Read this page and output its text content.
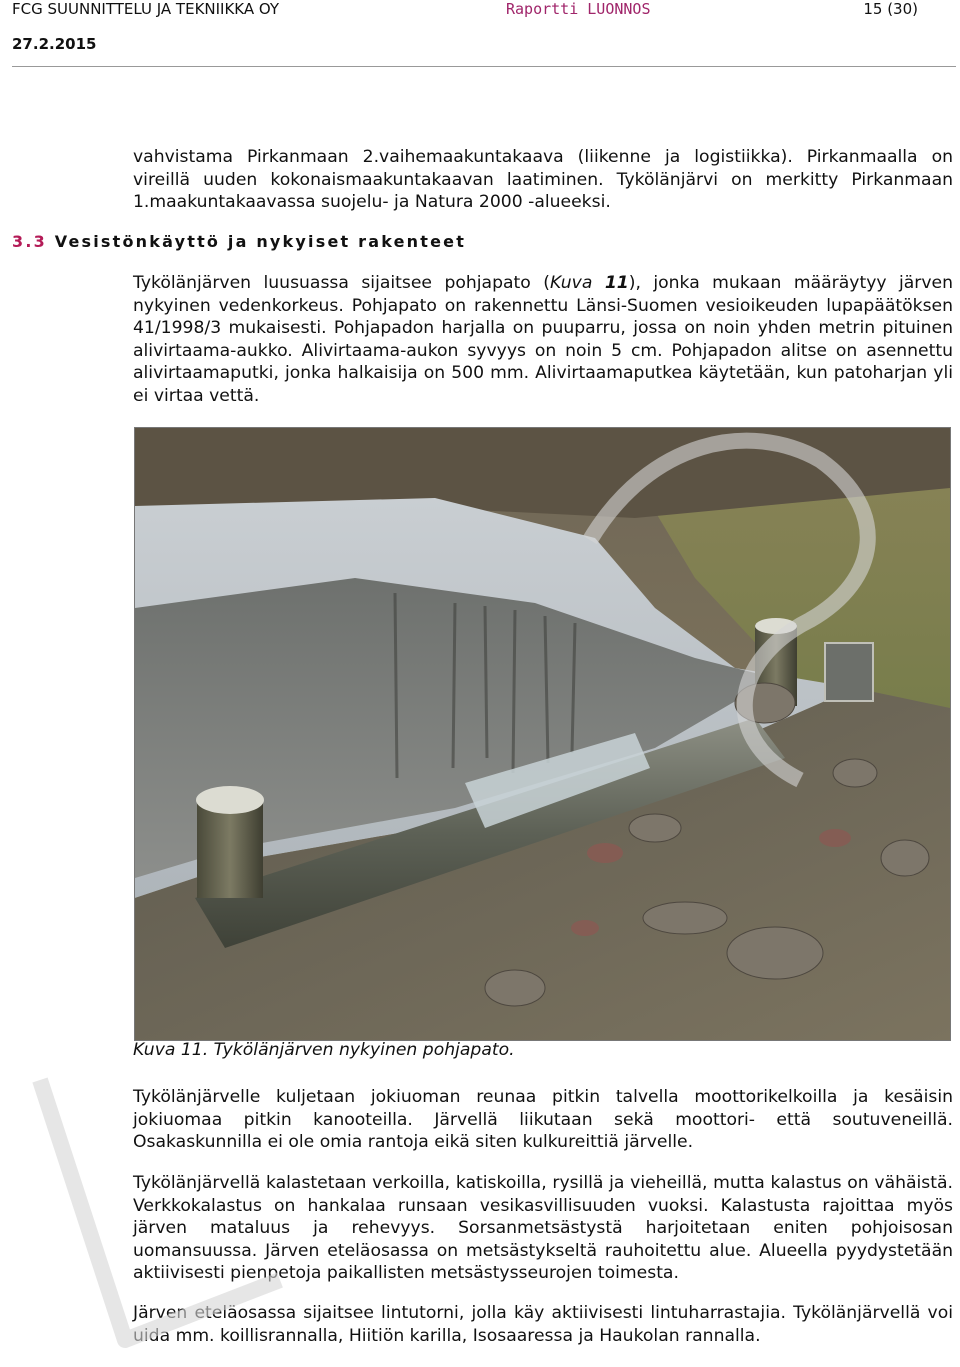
FCG SUUNNITTELU JA TEKNIIKKA OY	Raportti LUONNOS	15 (30)
27.2.2015

vahvistama Pirkanmaan 2.vaihemaakuntakaava (liikenne ja logistiikka). Pirkanmaalla on vireillä uuden kokonaismaakuntakaavan laatiminen. Tykölänjärvi on merkitty Pirkanmaan 1.maakuntakaavassa suojelu- ja Natura 2000 -alueeksi.

3.3 Vesistönkäyttö ja nykyiset rakenteet

Tykölänjärven luusuassa sijaitsee pohjapato (Kuva 11), jonka mukaan määräytyy järven nykyinen vedenkorkeus. Pohjapato on rakennettu Länsi-Suomen vesioikeuden lupapäätöksen 41/1998/3 mukaisesti. Pohjapadon harjalla on puuparru, jossa on noin yhden metrin pituinen alivirtaama-aukko. Alivirtaama-aukon syvyys on noin 5 cm. Pohjapadon alitse on asennettu alivirtaamaputki, jonka halkaisija on 500 mm. Alivirtaamaputkea käytetään, kun patoharjan yli ei virtaa vettä.

Kuva 11. Tykölänjärven nykyinen pohjapato.

Tykölänjärvelle kuljetaan jokiuoman reunaa pitkin talvella moottorikelkoilla ja kesäisin jokiuomaa pitkin kanooteilla. Järvellä liikutaan sekä moottori- että soutuveneillä. Osakaskunnilla ei ole omia rantoja eikä siten kulkureittiä järvelle.

Tykölänjärvellä kalastetaan verkoilla, katiskoilla, rysillä ja vieheillä, mutta kalastus on vähäistä. Verkkokalastus on hankalaa runsaan vesikasvillisuuden vuoksi. Kalastusta rajoittaa myös järven mataluus ja rehevyys. Sorsanmetsästystä harjoitetaan eniten pohjoisosan uomansuussa. Järven eteläosassa on metsästykseltä rauhoitettu alue. Alueella pyydystetään aktiivisesti pienpetoja paikallisten metsästysseurojen toimesta.

Järven eteläosassa sijaitsee lintutorni, jolla käy aktiivisesti lintuharrastajia. Tykölänjärvellä voi uida mm. koillisrannalla, Hiitiön karilla, Isosaaressa ja Haukolan rannalla.
